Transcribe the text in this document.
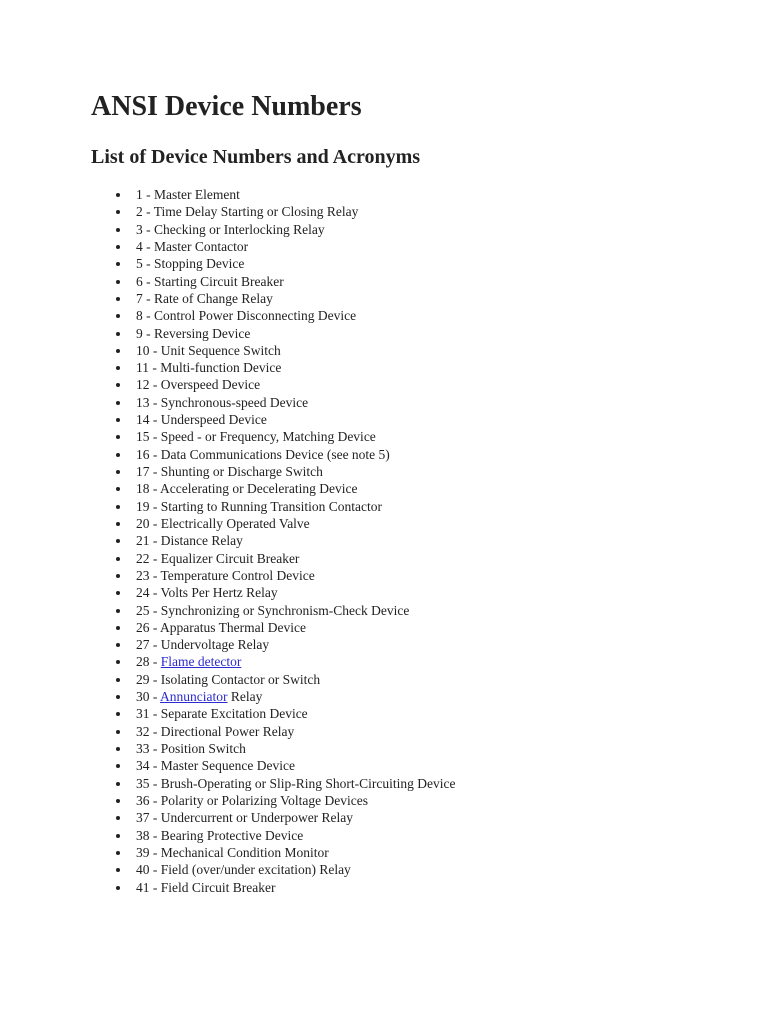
ANSI Device Numbers
List of Device Numbers and Acronyms
1 - Master Element
2 - Time Delay Starting or Closing Relay
3 - Checking or Interlocking Relay
4 - Master Contactor
5 - Stopping Device
6 - Starting Circuit Breaker
7 - Rate of Change Relay
8 - Control Power Disconnecting Device
9 - Reversing Device
10 - Unit Sequence Switch
11 - Multi-function Device
12 - Overspeed Device
13 - Synchronous-speed Device
14 - Underspeed Device
15 - Speed - or Frequency, Matching Device
16 - Data Communications Device (see note 5)
17 - Shunting or Discharge Switch
18 - Accelerating or Decelerating Device
19 - Starting to Running Transition Contactor
20 - Electrically Operated Valve
21 - Distance Relay
22 - Equalizer Circuit Breaker
23 - Temperature Control Device
24 - Volts Per Hertz Relay
25 - Synchronizing or Synchronism-Check Device
26 - Apparatus Thermal Device
27 - Undervoltage Relay
28 - Flame detector
29 - Isolating Contactor or Switch
30 - Annunciator Relay
31 - Separate Excitation Device
32 - Directional Power Relay
33 - Position Switch
34 - Master Sequence Device
35 - Brush-Operating or Slip-Ring Short-Circuiting Device
36 - Polarity or Polarizing Voltage Devices
37 - Undercurrent or Underpower Relay
38 - Bearing Protective Device
39 - Mechanical Condition Monitor
40 - Field (over/under excitation) Relay
41 - Field Circuit Breaker
